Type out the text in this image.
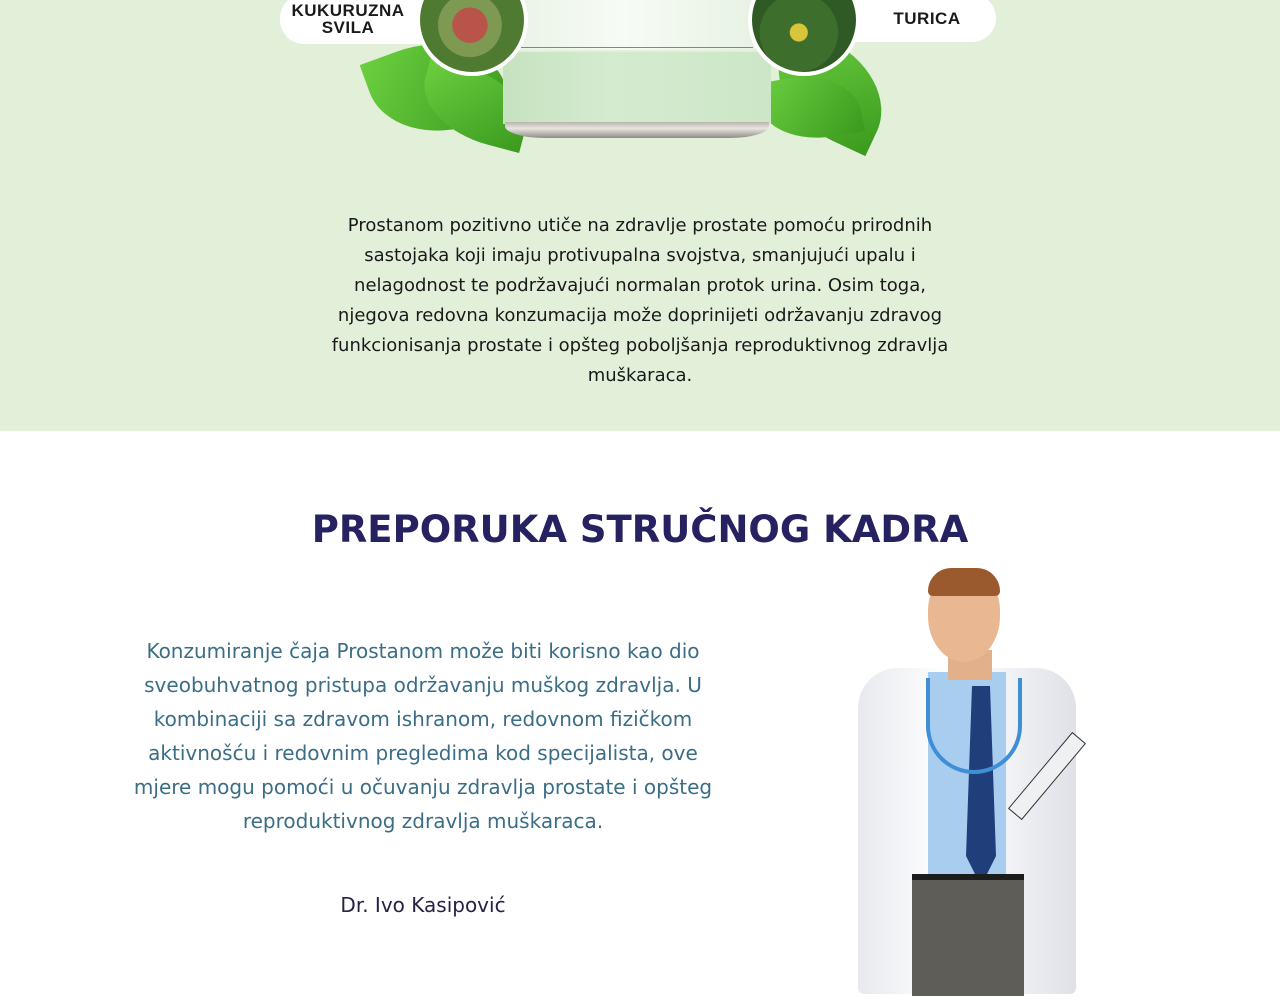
KUKURUZNA
SVILA	TURICA

Prostanom pozitivno utiče na zdravlje prostate pomoću prirodnih sastojaka koji imaju protivupalna svojstva, smanjujući upalu i nelagodnost te podržavajući normalan protok urina. Osim toga, njegova redovna konzumacija može doprinijeti održavanju zdravog funkcionisanja prostate i opšteg poboljšanja reproduktivnog zdravlja muškaraca.

PREPORUKA STRUČNOG KADRA

Konzumiranje čaja Prostanom može biti korisno kao dio sveobuhvatnog pristupa održavanju muškog zdravlja. U kombinaciji sa zdravom ishranom, redovnom fizičkom aktivnošću i redovnim pregledima kod specijalista, ove mjere mogu pomoći u očuvanju zdravlja prostate i opšteg reproduktivnog zdravlja muškaraca.

Dr. Ivo Kasipović
